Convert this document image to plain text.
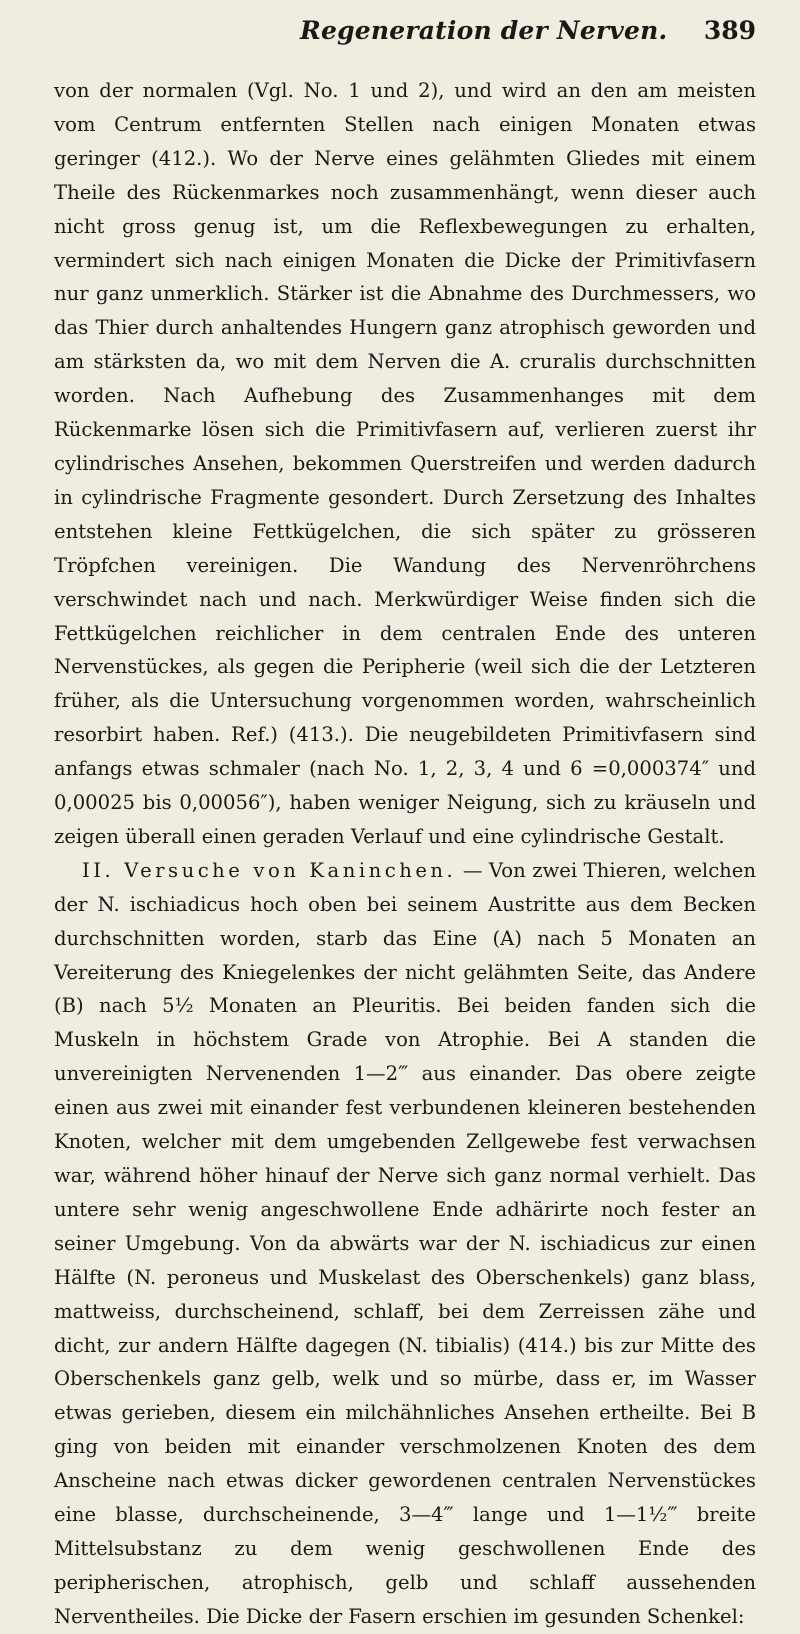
Regeneration der Nerven. 389

von der normalen (Vgl. No. 1 und 2), und wird an den am meisten vom Centrum entfernten Stellen nach einigen Monaten etwas geringer (412.). Wo der Nerve eines gelähmten Gliedes mit einem Theile des Rückenmarkes noch zusammenhängt, wenn dieser auch nicht gross genug ist, um die Reflexbewegungen zu erhalten, vermindert sich nach einigen Monaten die Dicke der Primitivfasern nur ganz unmerklich. Stärker ist die Abnahme des Durchmessers, wo das Thier durch anhaltendes Hungern ganz atrophisch geworden und am stärksten da, wo mit dem Nerven die A. cruralis durchschnitten worden. Nach Aufhebung des Zusammenhanges mit dem Rückenmarke lösen sich die Primitivfasern auf, verlieren zuerst ihr cylindrisches Ansehen, bekommen Querstreifen und werden dadurch in cylindrische Fragmente gesondert. Durch Zersetzung des Inhaltes entstehen kleine Fettkügelchen, die sich später zu grösseren Tröpfchen vereinigen. Die Wandung des Nervenröhrchens verschwindet nach und nach. Merkwürdiger Weise finden sich die Fettkügelchen reichlicher in dem centralen Ende des unteren Nervenstückes, als gegen die Peripherie (weil sich die der Letzteren früher, als die Untersuchung vorgenommen worden, wahrscheinlich resorbirt haben. Ref.) (413.). Die neugebildeten Primitivfasern sind anfangs etwas schmaler (nach No. 1, 2, 3, 4 und 6 =0,000374″ und 0,00025 bis 0,00056″), haben weniger Neigung, sich zu kräuseln und zeigen überall einen geraden Verlauf und eine cylindrische Gestalt.

II. Versuche von Kaninchen. — Von zwei Thieren, welchen der N. ischiadicus hoch oben bei seinem Austritte aus dem Becken durchschnitten worden, starb das Eine (A) nach 5 Monaten an Vereiterung des Kniegelenkes der nicht gelähmten Seite, das Andere (B) nach 5½ Monaten an Pleuritis. Bei beiden fanden sich die Muskeln in höchstem Grade von Atrophie. Bei A standen die unvereinigten Nervenenden 1—2‴ aus einander. Das obere zeigte einen aus zwei mit einander fest verbundenen kleineren bestehenden Knoten, welcher mit dem umgebenden Zellgewebe fest verwachsen war, während höher hinauf der Nerve sich ganz normal verhielt. Das untere sehr wenig angeschwollene Ende adhärirte noch fester an seiner Umgebung. Von da abwärts war der N. ischiadicus zur einen Hälfte (N. peroneus und Muskelast des Oberschenkels) ganz blass, mattweiss, durchscheinend, schlaff, bei dem Zerreissen zähe und dicht, zur andern Hälfte dagegen (N. tibialis) (414.) bis zur Mitte des Oberschenkels ganz gelb, welk und so mürbe, dass er, im Wasser etwas gerieben, diesem ein milchähnliches Ansehen ertheilte. Bei B ging von beiden mit einander verschmolzenen Knoten des dem Anscheine nach etwas dicker gewordenen centralen Nervenstückes eine blasse, durchscheinende, 3—4‴ lange und 1—1½‴ breite Mittelsubstanz zu dem wenig geschwollenen Ende des peripherischen, atrophisch, gelb und schlaff aussehenden Nerventheiles. Die Dicke der Fasern erschien im gesunden Schenkel:
